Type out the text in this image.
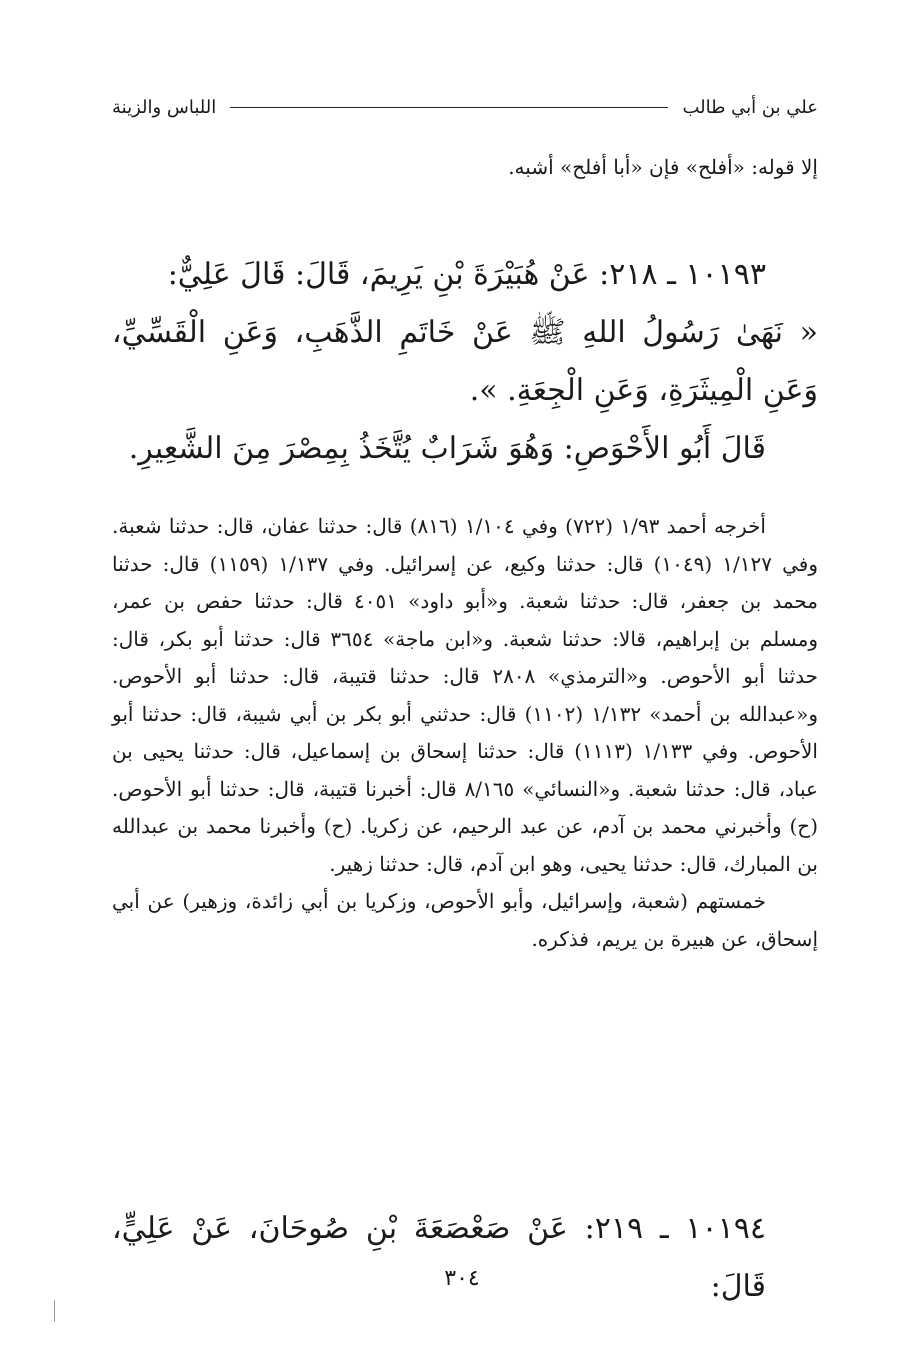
علي بن أبي طالب
اللباس والزينة
إلا قوله: «أفلح» فإن «أبا أفلح» أشبه.

١٠١٩٣ ـ ٢١٨: عَنْ هُبَيْرَةَ بْنِ يَرِيمَ، قَالَ: قَالَ عَلِيٌّ:

« نَهَىٰ رَسُولُ اللهِ ﷺ عَنْ خَاتَمِ الذَّهَبِ، وَعَنِ الْقَسِّيِّ، وَعَنِ الْمِيثَرَةِ، وَعَنِ الْجِعَةِ. ».

قَالَ أَبُو الأَحْوَصِ: وَهُوَ شَرَابٌ يُتَّخَذُ بِمِصْرَ مِنَ الشَّعِيرِ.

أخرجه أحمد ١/٩٣ (٧٢٢) وفي ١/١٠٤ (٨١٦) قال: حدثنا عفان، قال: حدثنا شعبة. وفي ١/١٢٧ (١٠٤٩) قال: حدثنا وكيع، عن إسرائيل. وفي ١/١٣٧ (١١٥٩) قال: حدثنا محمد بن جعفر، قال: حدثنا شعبة. و«أبو داود» ٤٠٥١ قال: حدثنا حفص بن عمر، ومسلم بن إبراهيم، قالا: حدثنا شعبة. و«ابن ماجة» ٣٦٥٤ قال: حدثنا أبو بكر، قال: حدثنا أبو الأحوص. و«الترمذي» ٢٨٠٨ قال: حدثنا قتيبة، قال: حدثنا أبو الأحوص. و«عبدالله بن أحمد» ١/١٣٢ (١١٠٢) قال: حدثني أبو بكر بن أبي شيبة، قال: حدثنا أبو الأحوص. وفي ١/١٣٣ (١١١٣) قال: حدثنا إسحاق بن إسماعيل، قال: حدثنا يحيى بن عباد، قال: حدثنا شعبة. و«النسائي» ٨/١٦٥ قال: أخبرنا قتيبة، قال: حدثنا أبو الأحوص. (ح) وأخبرني محمد بن آدم، عن عبد الرحيم، عن زكريا. (ح) وأخبرنا محمد بن عبدالله بن المبارك، قال: حدثنا يحيى، وهو ابن آدم، قال: حدثنا زهير.

خمستهم (شعبة، وإسرائيل، وأبو الأحوص، وزكريا بن أبي زائدة، وزهير) عن أبي إسحاق، عن هبيرة بن يريم، فذكره.

١٠١٩٤ ـ ٢١٩: عَنْ صَعْصَعَةَ بْنِ صُوحَانَ، عَنْ عَلِيٍّ، قَالَ:

٣٠٤
